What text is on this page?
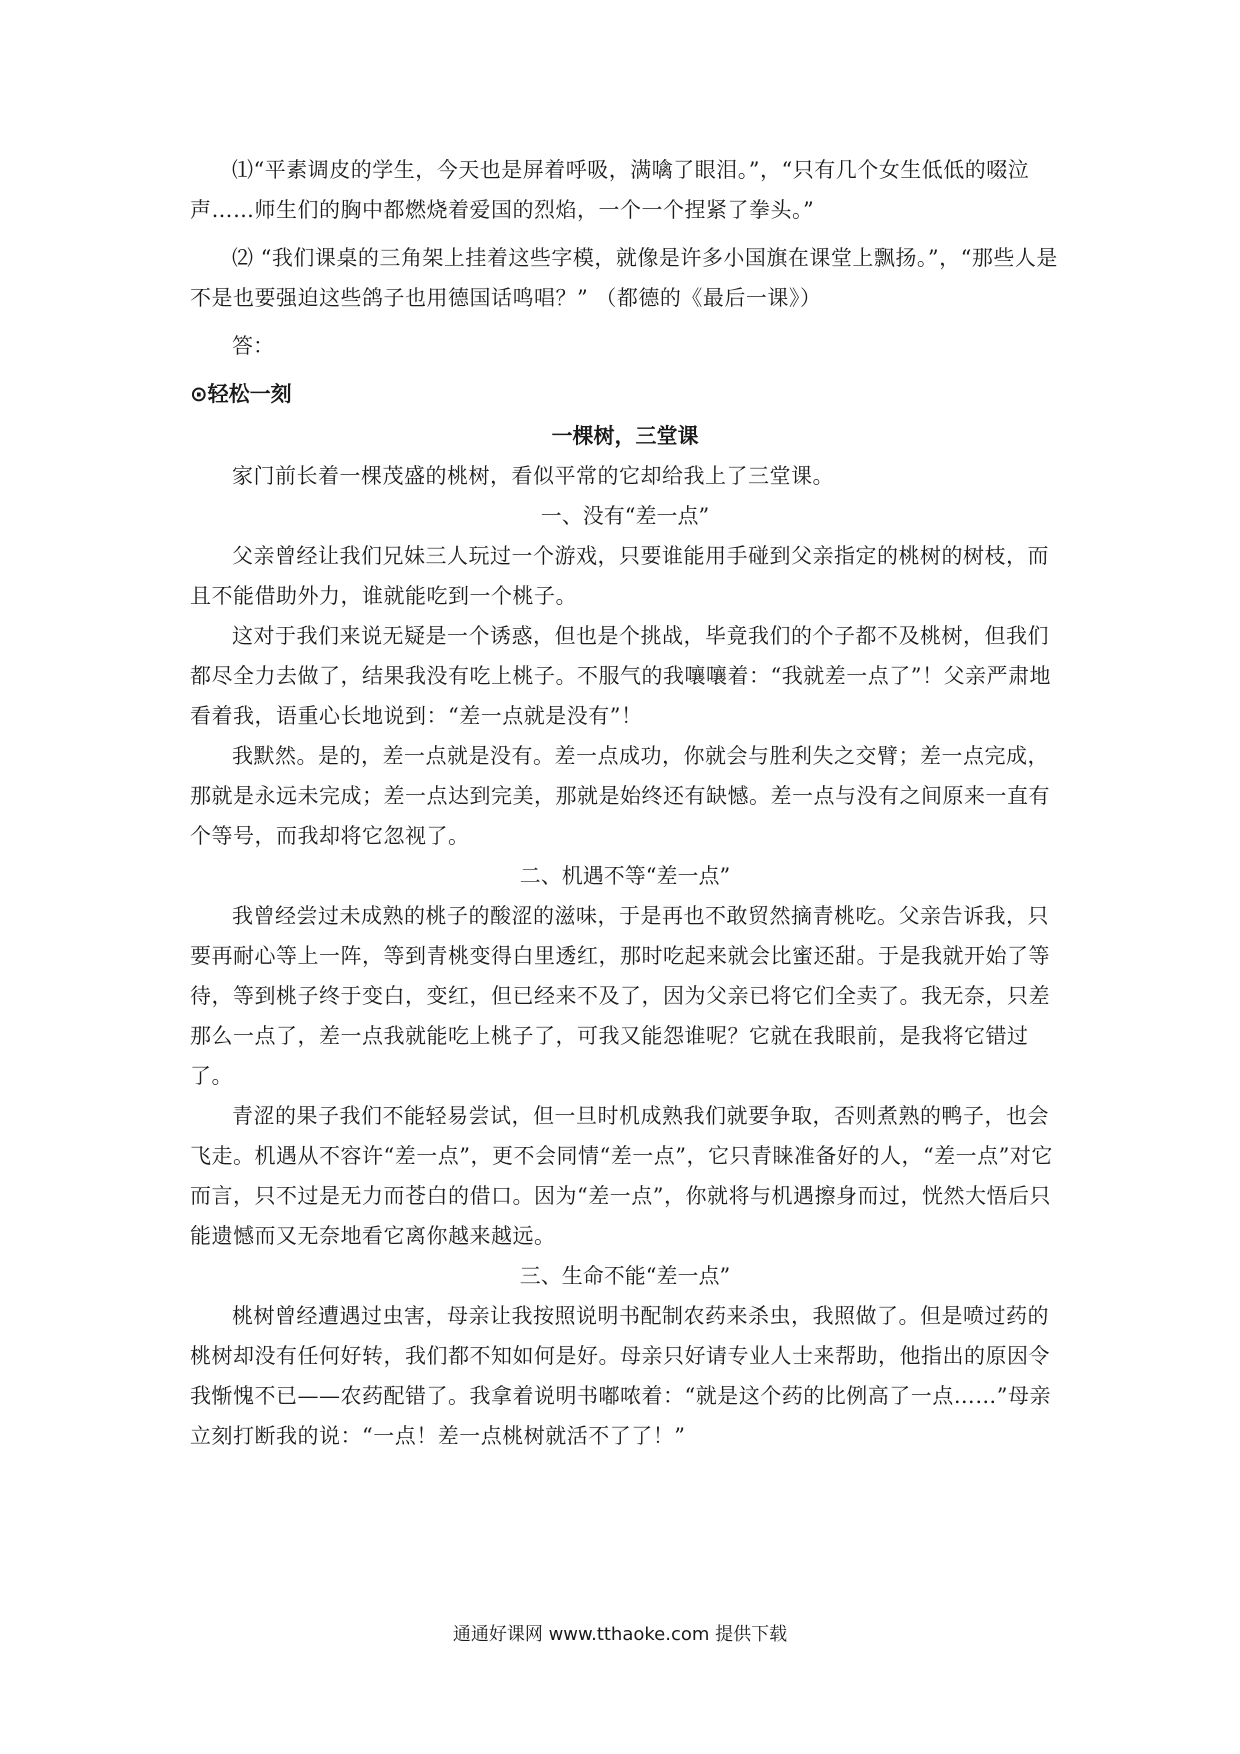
⑴“平素调皮的学生，今天也是屏着呼吸，满噙了眼泪。”，“只有几个女生低低的啜泣声……师生们的胸中都燃烧着爱国的烈焰，一个一个捏紧了拳头。”

⑵ “我们课桌的三角架上挂着这些字模，就像是许多小国旗在课堂上飘扬。”，“那些人是不是也要强迫这些鸽子也用德国话鸣唱？” （都德的《最后一课》）

答：

⊙轻松一刻

一棵树，三堂课

家门前长着一棵茂盛的桃树，看似平常的它却给我上了三堂课。

一、没有“差一点”

父亲曾经让我们兄妹三人玩过一个游戏，只要谁能用手碰到父亲指定的桃树的树枝，而且不能借助外力，谁就能吃到一个桃子。

这对于我们来说无疑是一个诱惑，但也是个挑战，毕竟我们的个子都不及桃树，但我们都尽全力去做了，结果我没有吃上桃子。不服气的我嚷嚷着：“我就差一点了”！父亲严肃地看着我，语重心长地说到：“差一点就是没有”！

我默然。是的，差一点就是没有。差一点成功，你就会与胜利失之交臂；差一点完成，那就是永远未完成；差一点达到完美，那就是始终还有缺憾。差一点与没有之间原来一直有个等号，而我却将它忽视了。

二、机遇不等“差一点”

我曾经尝过未成熟的桃子的酸涩的滋味，于是再也不敢贸然摘青桃吃。父亲告诉我，只要再耐心等上一阵，等到青桃变得白里透红，那时吃起来就会比蜜还甜。于是我就开始了等待，等到桃子终于变白，变红，但已经来不及了，因为父亲已将它们全卖了。我无奈，只差那么一点了，差一点我就能吃上桃子了，可我又能怨谁呢？它就在我眼前，是我将它错过了。

青涩的果子我们不能轻易尝试，但一旦时机成熟我们就要争取，否则煮熟的鸭子，也会飞走。机遇从不容许“差一点”，更不会同情“差一点”，它只青睐准备好的人，“差一点”对它而言，只不过是无力而苍白的借口。因为“差一点”，你就将与机遇擦身而过，恍然大悟后只能遗憾而又无奈地看它离你越来越远。

三、生命不能“差一点”

桃树曾经遭遇过虫害，母亲让我按照说明书配制农药来杀虫，我照做了。但是喷过药的桃树却没有任何好转，我们都不知如何是好。母亲只好请专业人士来帮助，他指出的原因令我惭愧不已——农药配错了。我拿着说明书嘟哝着：“就是这个药的比例高了一点……”母亲立刻打断我的说：“一点！差一点桃树就活不了了！”

通通好课网 www.tthaoke.com 提供下载
